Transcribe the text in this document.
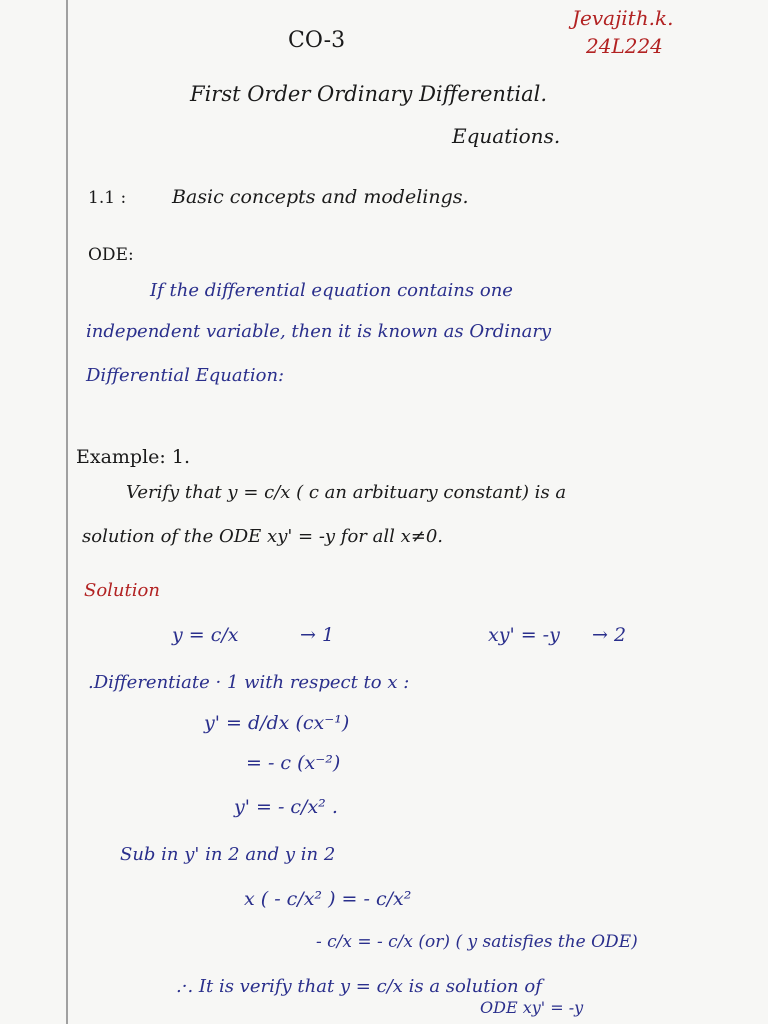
Jevajith.k.
24L224
CO-3
First Order Ordinary Differential.
Equations.
1.1 : Basic concepts and modelings.
ODE:
If the differential equation contains one
independent variable, then it is known as Ordinary
Differential Equation:
Example: 1.
Verify that y = c/x ( c an arbituary constant) is a
solution of the ODE xy' = -y for all x≠0.
Solution
y = c/x	→ 1	xy' = -y → 2
.Differentiate · 1 with respect to x :
y' = d/dx (cx⁻¹)
= - c (x⁻²)
y' = - c/x² .
Sub in y' in 2 and y in 2
x ( - c/x² ) = - c/x²
- c/x = - c/x (or) ( y satisfies the ODE)
.·. It is verify that y = c/x is a solution of
ODE xy' = -y
